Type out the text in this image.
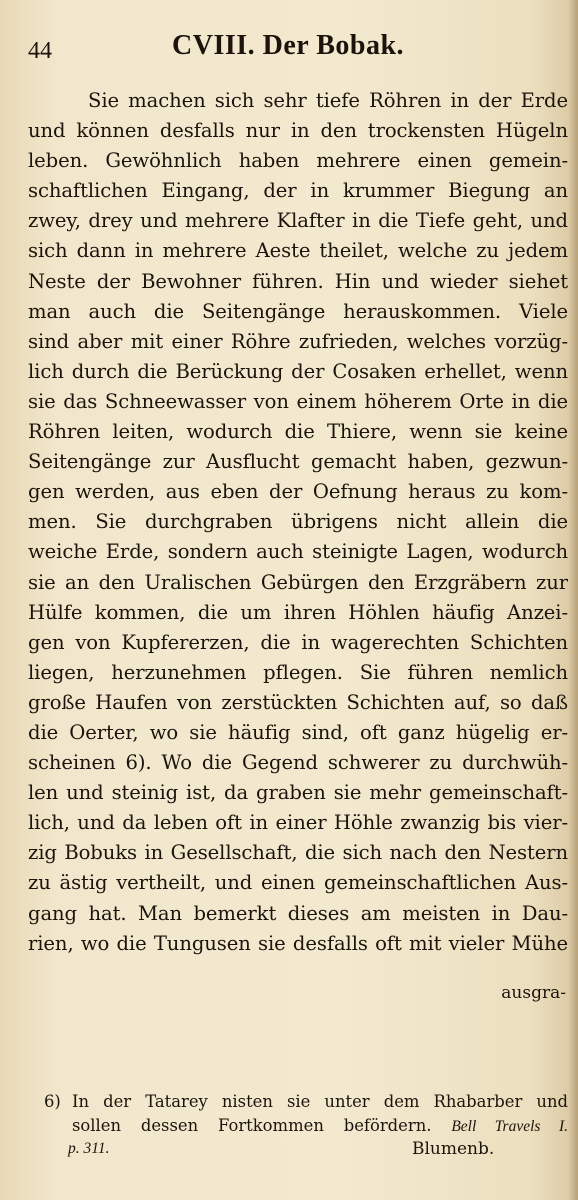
44	CVIII. Der Bobak.
Sie machen sich sehr tiefe Röhren in der Erde
und können desfalls nur in den trockensten Hügeln
leben. Gewöhnlich haben mehrere einen gemein-
schaftlichen Eingang, der in krummer Biegung an
zwey, drey und mehrere Klafter in die Tiefe geht, und
sich dann in mehrere Aeste theilet, welche zu jedem
Neste der Bewohner führen. Hin und wieder siehet
man auch die Seitengänge herauskommen. Viele
sind aber mit einer Röhre zufrieden, welches vorzüg-
lich durch die Berückung der Cosaken erhellet, wenn
sie das Schneewasser von einem höherem Orte in die
Röhren leiten, wodurch die Thiere, wenn sie keine
Seitengänge zur Ausflucht gemacht haben, gezwun-
gen werden, aus eben der Oefnung heraus zu kom-
men. Sie durchgraben übrigens nicht allein die
weiche Erde, sondern auch steinigte Lagen, wodurch
sie an den Uralischen Gebürgen den Erzgräbern zur
Hülfe kommen, die um ihren Höhlen häufig Anzei-
gen von Kupfererzen, die in wagerechten Schichten
liegen, herzunehmen pflegen. Sie führen nemlich
große Haufen von zerstückten Schichten auf, so daß
die Oerter, wo sie häufig sind, oft ganz hügelig er-
scheinen 6). Wo die Gegend schwerer zu durchwüh-
len und steinig ist, da graben sie mehr gemeinschaft-
lich, und da leben oft in einer Höhle zwanzig bis vier-
zig Bobuks in Gesellschaft, die sich nach den Nestern
zu ästig vertheilt, und einen gemeinschaftlichen Aus-
gang hat. Man bemerkt dieses am meisten in Dau-
rien, wo die Tungusen sie desfalls oft mit vieler Mühe
ausgra-
6) In der Tatarey nisten sie unter dem Rhabarber und
sollen dessen Fortkommen befördern. Bell Travels I.
p. 311.	Blumenb.
